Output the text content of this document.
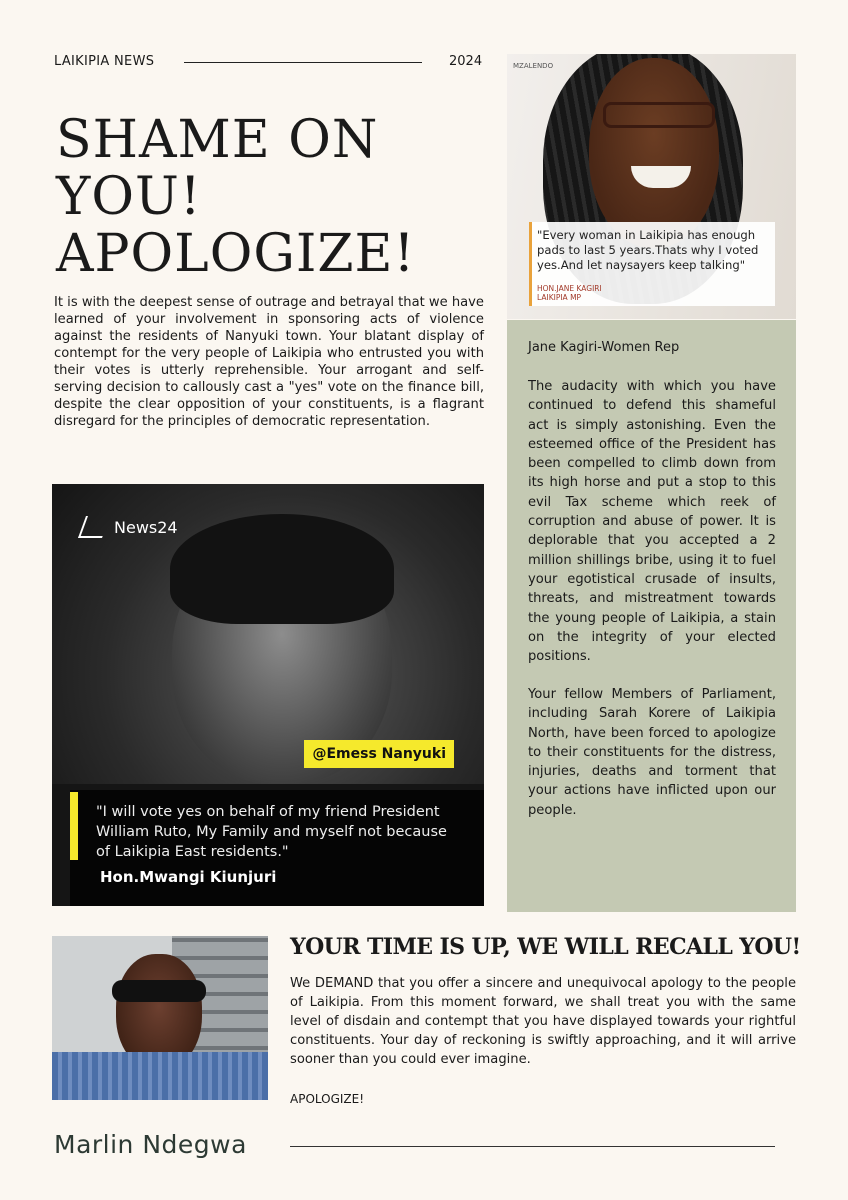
LAIKIPIA NEWS	2024
SHAME ON
YOU!
APOLOGIZE!

It is with the deepest sense of outrage and betrayal that we have learned of your involvement in sponsoring acts of violence against the residents of Nanyuki town. Your blatant display of contempt for the very people of Laikipia who entrusted you with their votes is utterly reprehensible. Your arrogant and self-serving decision to callously cast a "yes" vote on the finance bill, despite the clear opposition of your constituents, is a flagrant disregard for the principles of democratic representation.

News24
@Emess Nanyuki
"I will vote yes on behalf of my friend President William Ruto, My Family and myself not because of Laikipia East residents."
Hon.Mwangi Kiunjuri
MZALENDO
"Every woman in Laikipia has enough pads to last 5 years.Thats why I voted yes.And let naysayers keep talking"
HON.JANE KAGIRI
LAIKIPIA MP
Jane Kagiri-Women Rep

The audacity with which you have continued to defend this shameful act is simply astonishing. Even the esteemed office of the President has been compelled to climb down from its high horse and put a stop to this evil Tax scheme which reek of corruption and abuse of power. It is deplorable that you accepted a 2 million shillings bribe, using it to fuel your egotistical crusade of insults, threats, and mistreatment towards the young people of Laikipia, a stain on the integrity of your elected positions.

Your fellow Members of Parliament, including Sarah Korere of Laikipia North, have been forced to apologize to their constituents for the distress, injuries, deaths and torment that your actions have inflicted upon our people.

YOUR TIME IS UP, WE WILL RECALL YOU!

We DEMAND that you offer a sincere and unequivocal apology to the people of Laikipia. From this moment forward, we shall treat you with the same level of disdain and contempt that you have displayed towards your rightful constituents. Your day of reckoning is swiftly approaching, and it will arrive sooner than you could ever imagine.

APOLOGIZE!
Marlin Ndegwa
